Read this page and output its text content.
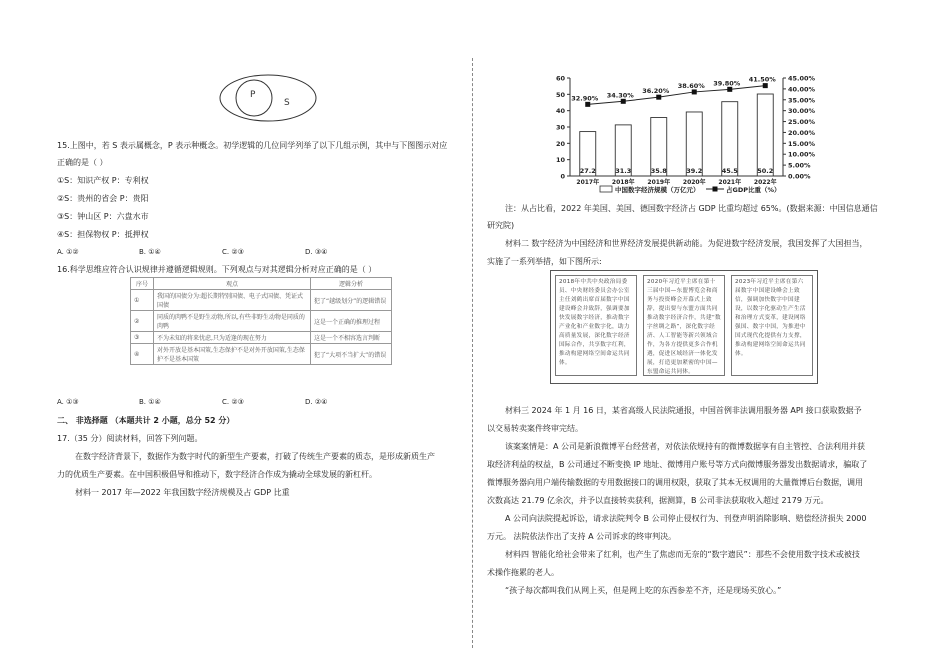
P
S
15.上图中，若 S 表示属概念，P 表示种概念。初学逻辑的几位同学列举了以下几组示例，其中与下图图示对应
正确的是（ ）
①S：知识产权 P：专利权
②S：贵州的省会 P：贵阳
③S：钟山区 P：六盘水市
④S：担保物权 P：抵押权
A. ①②	B. ①④	C. ②③	D. ③④
16.科学思维应符合认识规律并遵循逻辑规则。下列观点与对其逻辑分析对应正确的是（ ）
序号	观点	逻辑分析
①	我国的国债分为:超长期特别国债、电子式国债、凭证式国债	犯了“越级划分”的逻辑错误
②	同质的肉鸭不是野生动物,所以,有些非野生动物是同质的肉鸭	这是一个正确的推理过程
③	不为未知的将来忧虑,只为适逢的现在努力	这是一个不相容选言判断
④	对外开放是基本国策,生态保护不是对外开放国策,生态保护不是基本国策	犯了“大项不当扩大”的错误
A. ①③	B. ①④	C. ②③	D. ②④
二、 非选择题 （本题共计 2 小题，总分 52 分）
17.（35 分）阅读材料，回答下列问题。
在数字经济背景下，数据作为数字时代的新型生产要素，打破了传统生产要素的质态，是形成新质生产
力的优质生产要素。在中国积极倡导和推动下，数字经济合作成为撬动全球发展的新杠杆。
材料一 2017 年—2022 年我国数字经济规模及占 GDP 比重
0
10
20
30
40
50
60
0.00%
5.00%
10.00%
15.00%
20.00%
25.00%
30.00%
35.00%
40.00%
45.00%
27.2
2017年
31.3
2018年
35.8
2019年
39.2
2020年
45.5
2021年
50.2
2022年
32.90% 34.30%
36.20%
38.60% 39.80% 41.50%
中国数字经济规模（万亿元）	占GDP比重（%）
注：从占比看，2022 年美国、美国、德国数字经济占 GDP 比重均超过 65%。(数据来源：中国信息通信
研究院)
材料二 数字经济为中国经济和世界经济发展提供新动能。为促进数字经济发展，我国发挥了大国担当，
实施了一系列举措，如下图所示:
2018年中共中央政治局委员、中央财经委员会办公室主任刘鹤出席首届数字中国建设峰会并致辞，强调要加快发展数字经济，推动数字产业化和产业数字化，助力高质量发展，深化数字经济国际合作，共享数字红利，推动构建网络空间命运共同体。
2020年习近平主席在第十三届中国—东盟博览会和商务与投资峰会开幕式上致辞，提出要与东盟方面共同推动数字经济合作，共建“数字丝绸之路”，深化数字经济、人工智能等新兴领域合作，为各方提供更多合作机遇，促进区域经济一体化发展，打造更加紧密的中国—东盟命运共同体。
2023年习近平主席在第六届数字中国建设峰会上致信，强调加快数字中国建设，以数字化驱动生产生活和治理方式变革，建设网络强国、数字中国，为推进中国式现代化提供有力支撑，推动构建网络空间命运共同体。
材料三 2024 年 1 月 16 日，某省高级人民法院通报，中国首例非法调用服务器 API 接口获取数据予
以交易转卖案件终审完结。
该案案情是：A 公司是新浪微博平台经营者，对依法依规持有的微博数据享有自主管控、合法利用并获
取经济利益的权益，B 公司通过不断变换 IP 地址、微博用户账号等方式向微博服务器发出数据请求，骗取了
微博服务器向用户端传输数据的专用数据接口的调用权限，获取了其本无权调用的大量微博后台数据，调用
次数高达 21.79 亿余次，并予以直接转卖获利，据测算，B 公司非法获取收入超过 2179 万元。
A 公司向法院提起诉讼，请求法院判令 B 公司停止侵权行为、刊登声明消除影响、赔偿经济损失 2000
万元。 法院依法作出了支持 A 公司诉求的终审判决。
材料四 智能化给社会带来了红利，也产生了焦虑而无奈的“数字遗民”：那些不会使用数字技术或被技
术操作拖累的老人。
“孩子每次都叫我们从网上买，但是网上吃的东西参差不齐，还是现场买放心。”
